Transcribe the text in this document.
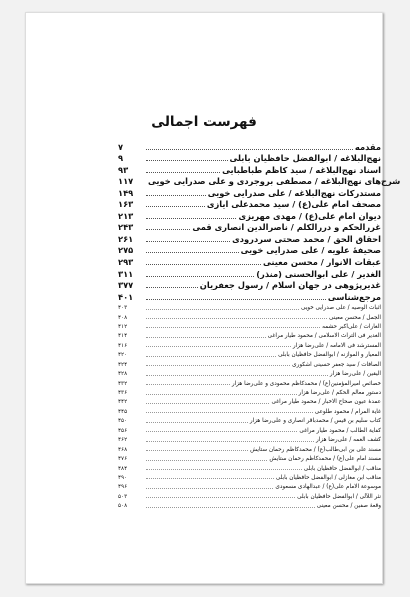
فهرست اجمالی
۷	مقدمه
۹	نهج‌البلاغه / ابوالفضل حافظیان بابلی
۹۳	اسناد نهج‌البلاغه / سید کاظم طباطبایی
۱۱۷	شرح‌های نهج‌البلاغه / مصطفی بروجردی و علی صدرایی خویی
۱۴۹	مستدرکات نهج‌البلاغه / علی صدرایی خویی
۱۶۳	مصحف امام علی(ع) / سید محمدعلی ایازی
۲۱۳	دیوان امام علی(ع) / مهدی مهریزی
۲۴۳	غررالحکم و دررالکلم / ناصرالدین انصاری قمی
۲۶۱	احقاق الحق / محمد صحتی سردرودی
۲۷۵	صحیفهٔ علویه / علی صدرایی خویی
۲۹۳	عبقات الانوار / محسن معینی
۳۱۱	الغدیر / علی ابوالحسنی (منذر)
۳۷۷	غدیرپژوهی در جهان اسلام / رسول جعفریان
۴۰۱	مرجع‌شناسی
۴۰۳	اثبات الوصیه / علی صدرایی خویی
۴۰۸	الجمل / محسن معینی
۴۱۲	الغارات / علی‌اکبر حشمه
۴۱۴	الغدیر فی التراث الاسلامی / محمود طیار مراغی
۴۱۶	المسترشد فی الامامه / علی‌رضا هزار
۴۲۰	المعیار و الموازنه / ابوالفضل حافظیان بابلی
۴۲۴	الصافات / سید جعفر حسینی اشکوری
۴۲۸	الیقین / علی‌رضا هزار
۴۳۲	خصائص امیرالمؤمنین(ع) / محمدکاظم محمودی و علی‌رضا هزار
۴۳۶	دستور معالم الحکم / علی‌رضا هزار
۴۴۲	عمدهٔ عیون صحاح الاخبار / محمود طیار مراغی
۴۴۵	غایة المرام / محمود طلوعی
۴۵۰	کتاب سلیم بن قیس / محمدباقر انصاری و علی‌رضا هزار
۴۵۶	کفایة الطالب / محمود طیار مراغی
۴۶۲	کشف الغمه / علی‌رضا هزار
۴۶۸	مسند علی بن ابی‌طالب(ع) / محمدکاظم رحمان ستایش
۴۷۶	مسند امام علی(ع) / محمدکاظم رحمان ستایش
۴۸۴	مناقب / ابوالفضل حافظیان بابلی
۴۹۰	مناقب ابن مغازلی / ابوالفضل حافظیان بابلی
۴۹۶	موسوعة الامام علی(ع) / عبدالهادی مسعودی
۵۰۳	نثر اللآلی / ابوالفضل حافظیان بابلی
۵۰۸	وقعهٔ صفین / محسن معینی
